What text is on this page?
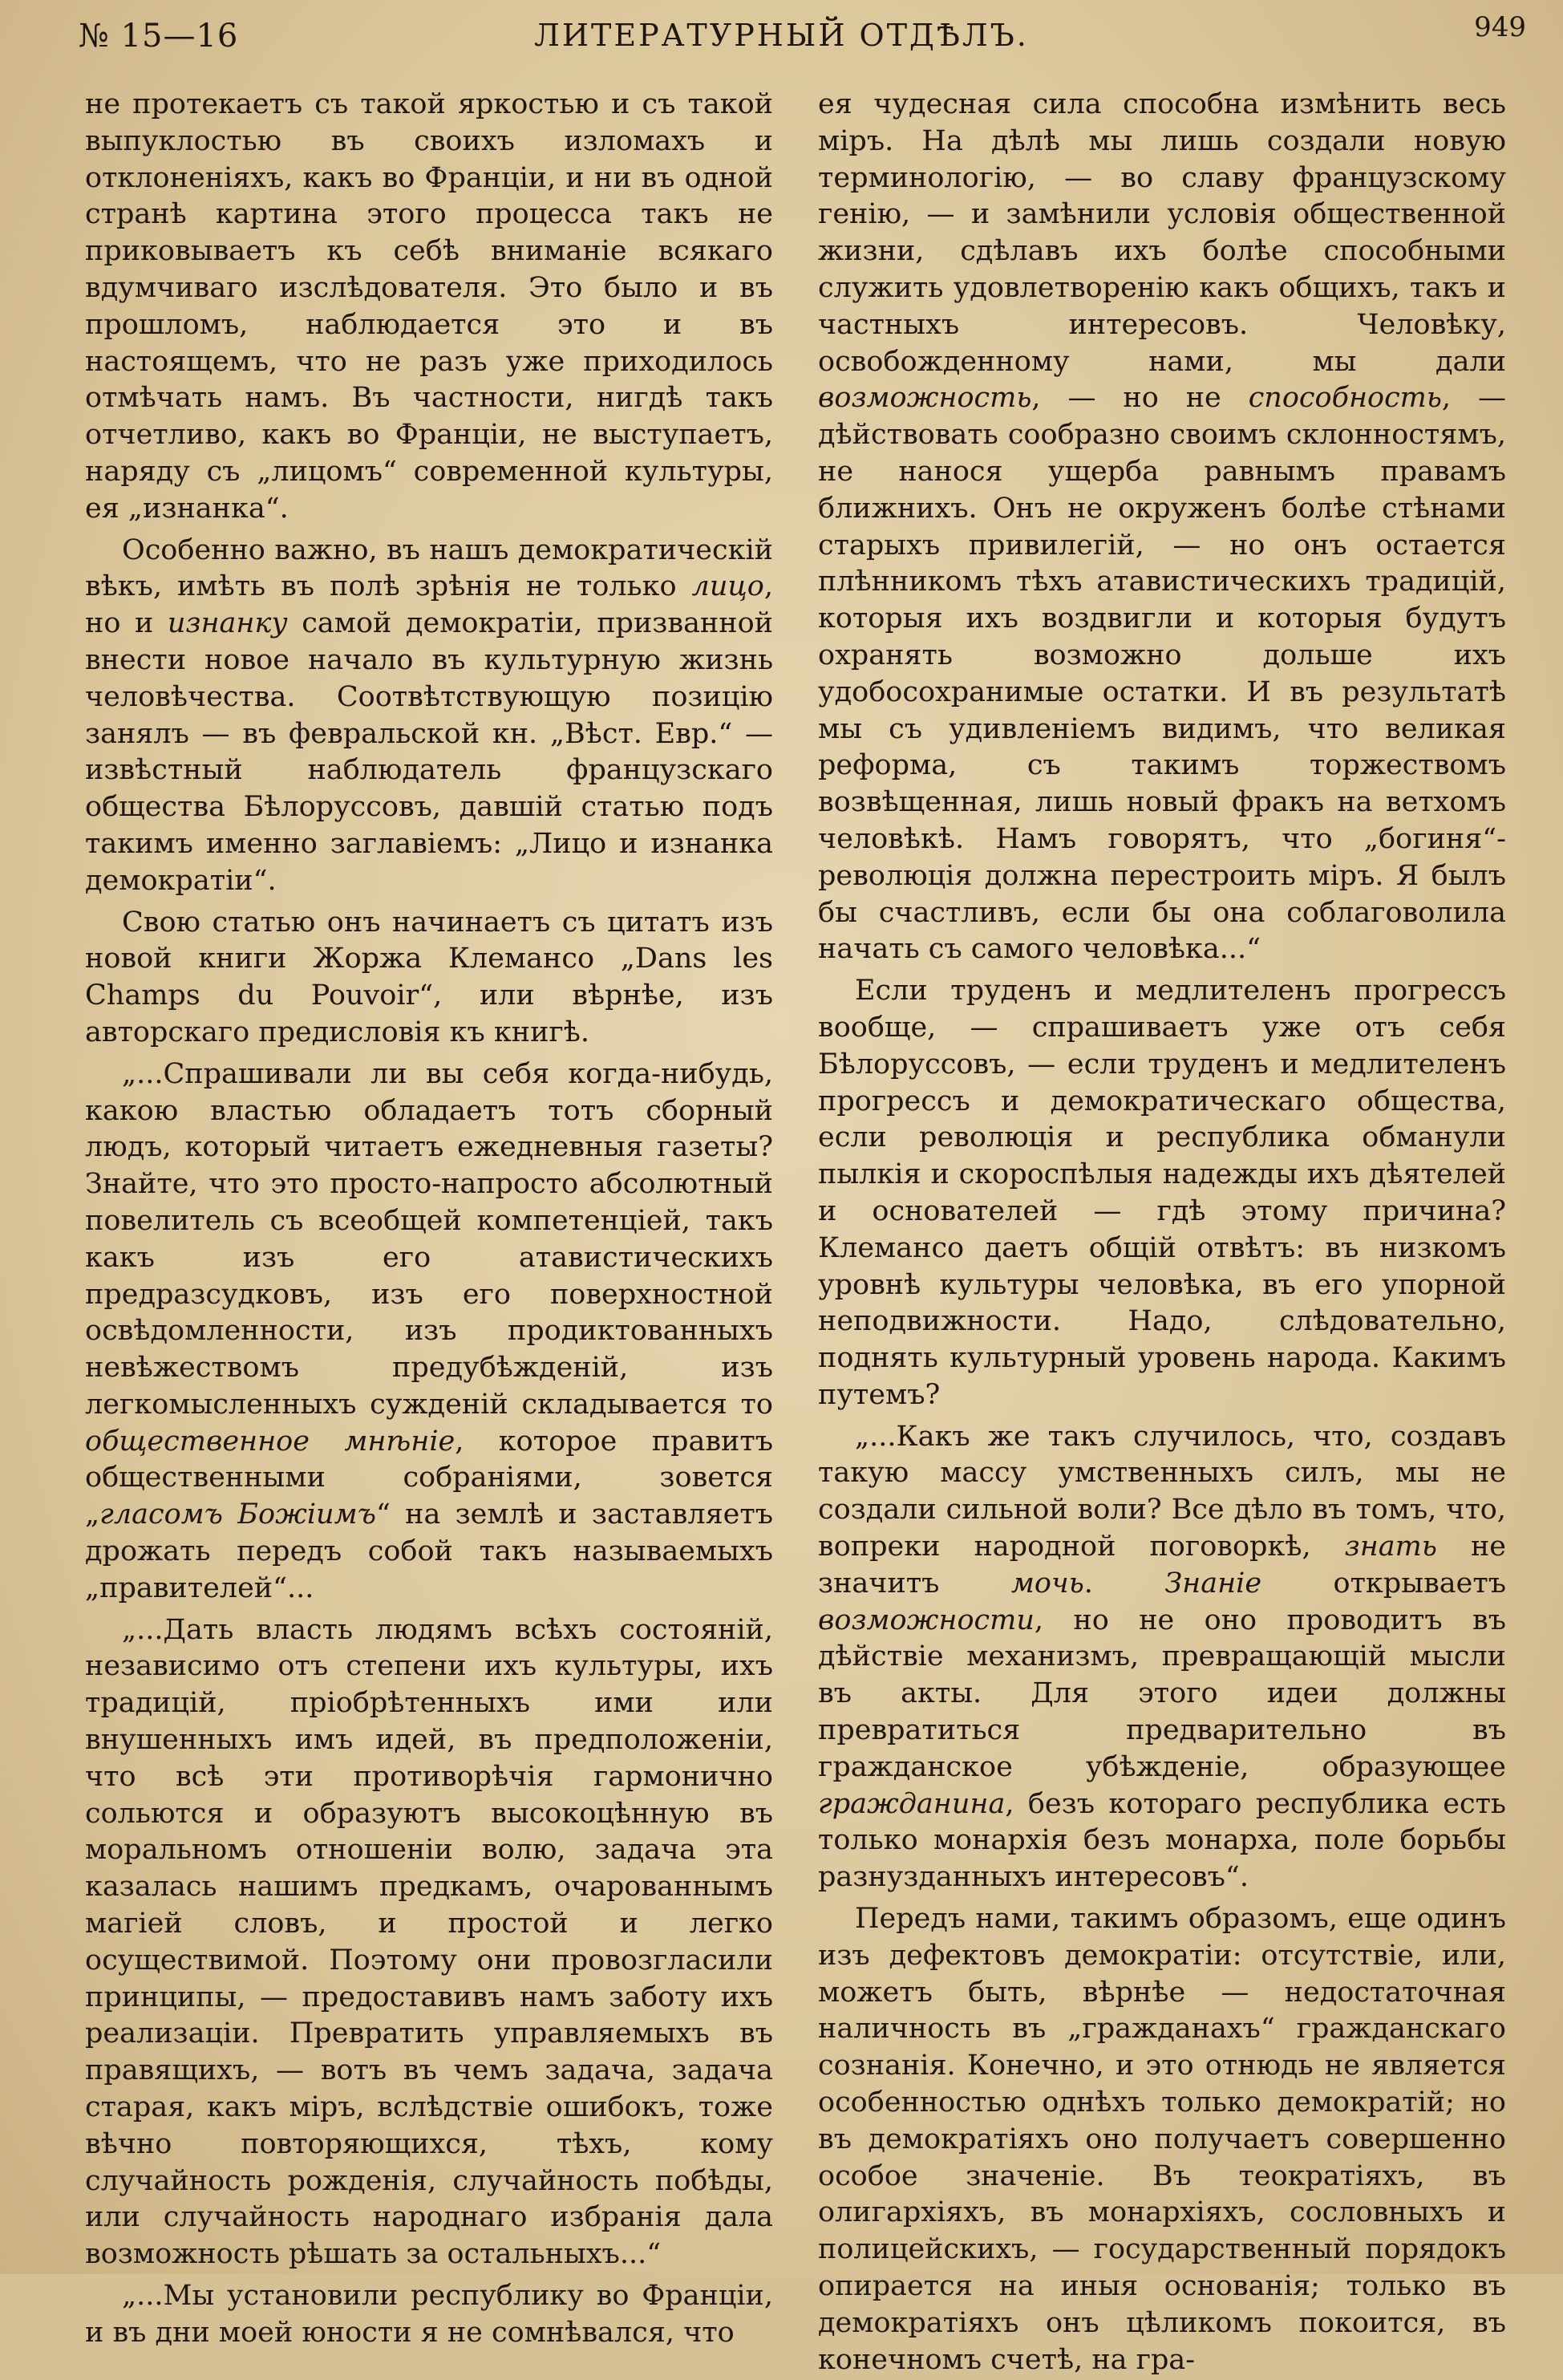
№ 15—16	ЛИТЕРАТУРНЫЙ ОТДѢЛЪ.	949

не протекаетъ съ такой яркостью и съ такой выпуклостью въ своихъ изломахъ и отклоненіяхъ, какъ во Франціи, и ни въ одной странѣ картина этого процесса такъ не приковываетъ къ себѣ вниманіе всякаго вдумчиваго изслѣдователя. Это было и въ прошломъ, наблюдается это и въ настоящемъ, что не разъ уже приходилось отмѣчать намъ. Въ частности, нигдѣ такъ отчетливо, какъ во Франціи, не выступаетъ, наряду съ „лицомъ“ современной культуры, ея „изнанка“.

Особенно важно, въ нашъ демократическій вѣкъ, имѣть въ полѣ зрѣнія не только лицо, но и изнанку самой демократіи, призванной внести новое начало въ культурную жизнь человѣчества. Соотвѣтствующую позицію занялъ — въ февральской кн. „Вѣст. Евр.“ — извѣстный наблюдатель французскаго общества Бѣлоруссовъ, давшій статью подъ такимъ именно заглавіемъ: „Лицо и изнанка демократіи“.

Свою статью онъ начинаетъ съ цитатъ изъ новой книги Жоржа Клемансо „Dans les Champs du Pouvoir“, или вѣрнѣе, изъ авторскаго предисловія къ книгѣ.

„...Спрашивали ли вы себя когда-нибудь, какою властью обладаетъ тотъ сборный людъ, который читаетъ ежедневныя газеты? Знайте, что это просто-напросто абсолютный повелитель съ всеобщей компетенціей, такъ какъ изъ его атавистическихъ предразсудковъ, изъ его поверхностной освѣдомленности, изъ продиктованныхъ невѣжествомъ предубѣжденій, изъ легкомысленныхъ сужденій складывается то общественное мнѣніе, которое правитъ общественными собраніями, зовется „гласомъ Божіимъ“ на землѣ и заставляетъ дрожать передъ собой такъ называемыхъ „правителей“...

„...Дать власть людямъ всѣхъ состояній, независимо отъ степени ихъ культуры, ихъ традицій, пріобрѣтенныхъ ими или внушенныхъ имъ идей, въ предположеніи, что всѣ эти противорѣчія гармонично сольются и образуютъ высокоцѣнную въ моральномъ отношеніи волю, задача эта казалась нашимъ предкамъ, очарованнымъ магіей словъ, и простой и легко осуществимой. Поэтому они провозгласили принципы, — предоставивъ намъ заботу ихъ реализаціи. Превратить управляемыхъ въ правящихъ, — вотъ въ чемъ задача, задача старая, какъ міръ, вслѣдствіе ошибокъ, тоже вѣчно повторяющихся, тѣхъ, кому случайность рожденія, случайность побѣды, или случайность народнаго избранія дала возможность рѣшать за остальныхъ...“

„...Мы установили республику во Франціи, и въ дни моей юности я не сомнѣвался, что

ея чудесная сила способна измѣнить весь міръ. На дѣлѣ мы лишь создали новую терминологію, — во славу французскому генію, — и замѣнили условія общественной жизни, сдѣлавъ ихъ болѣе способными служить удовлетворенію какъ общихъ, такъ и частныхъ интересовъ. Человѣку, освобожденному нами, мы дали возможность, — но не способность, — дѣйствовать сообразно своимъ склонностямъ, не нанося ущерба равнымъ правамъ ближнихъ. Онъ не окруженъ болѣе стѣнами старыхъ привилегій, — но онъ остается плѣнникомъ тѣхъ атавистическихъ традицій, которыя ихъ воздвигли и которыя будутъ охранять возможно дольше ихъ удобосохранимые остатки. И въ результатѣ мы съ удивленіемъ видимъ, что великая реформа, съ такимъ торжествомъ возвѣщенная, лишь новый фракъ на ветхомъ человѣкѣ. Намъ говорятъ, что „богиня“-революція должна перестроить міръ. Я былъ бы счастливъ, если бы она соблаговолила начать съ самого человѣка...“

Если труденъ и медлителенъ прогрессъ вообще, — спрашиваетъ уже отъ себя Бѣлоруссовъ, — если труденъ и медлителенъ прогрессъ и демократическаго общества, если революція и республика обманули пылкія и скороспѣлыя надежды ихъ дѣятелей и основателей — гдѣ этому причина? Клемансо даетъ общій отвѣтъ: въ низкомъ уровнѣ культуры человѣка, въ его упорной неподвижности. Надо, слѣдовательно, поднять культурный уровень народа. Какимъ путемъ?

„...Какъ же такъ случилось, что, создавъ такую массу умственныхъ силъ, мы не создали сильной воли? Все дѣло въ томъ, что, вопреки народной поговоркѣ, знать не значитъ мочь. Знаніе открываетъ возможности, но не оно проводитъ въ дѣйствіе механизмъ, превращающій мысли въ акты. Для этого идеи должны превратиться предварительно въ гражданское убѣжденіе, образующее гражданина, безъ котораго республика есть только монархія безъ монарха, поле борьбы разнузданныхъ интересовъ“.

Передъ нами, такимъ образомъ, еще одинъ изъ дефектовъ демократіи: отсутствіе, или, можетъ быть, вѣрнѣе — недостаточная наличность въ „гражданахъ“ гражданскаго сознанія. Конечно, и это отнюдь не является особенностью однѣхъ только демократій; но въ демократіяхъ оно получаетъ совершенно особое значеніе. Въ теократіяхъ, въ олигархіяхъ, въ монархіяхъ, сословныхъ и полицейскихъ, — государственный порядокъ опирается на иныя основанія; только въ демократіяхъ онъ цѣликомъ покоится, въ конечномъ счетѣ, на гра-
